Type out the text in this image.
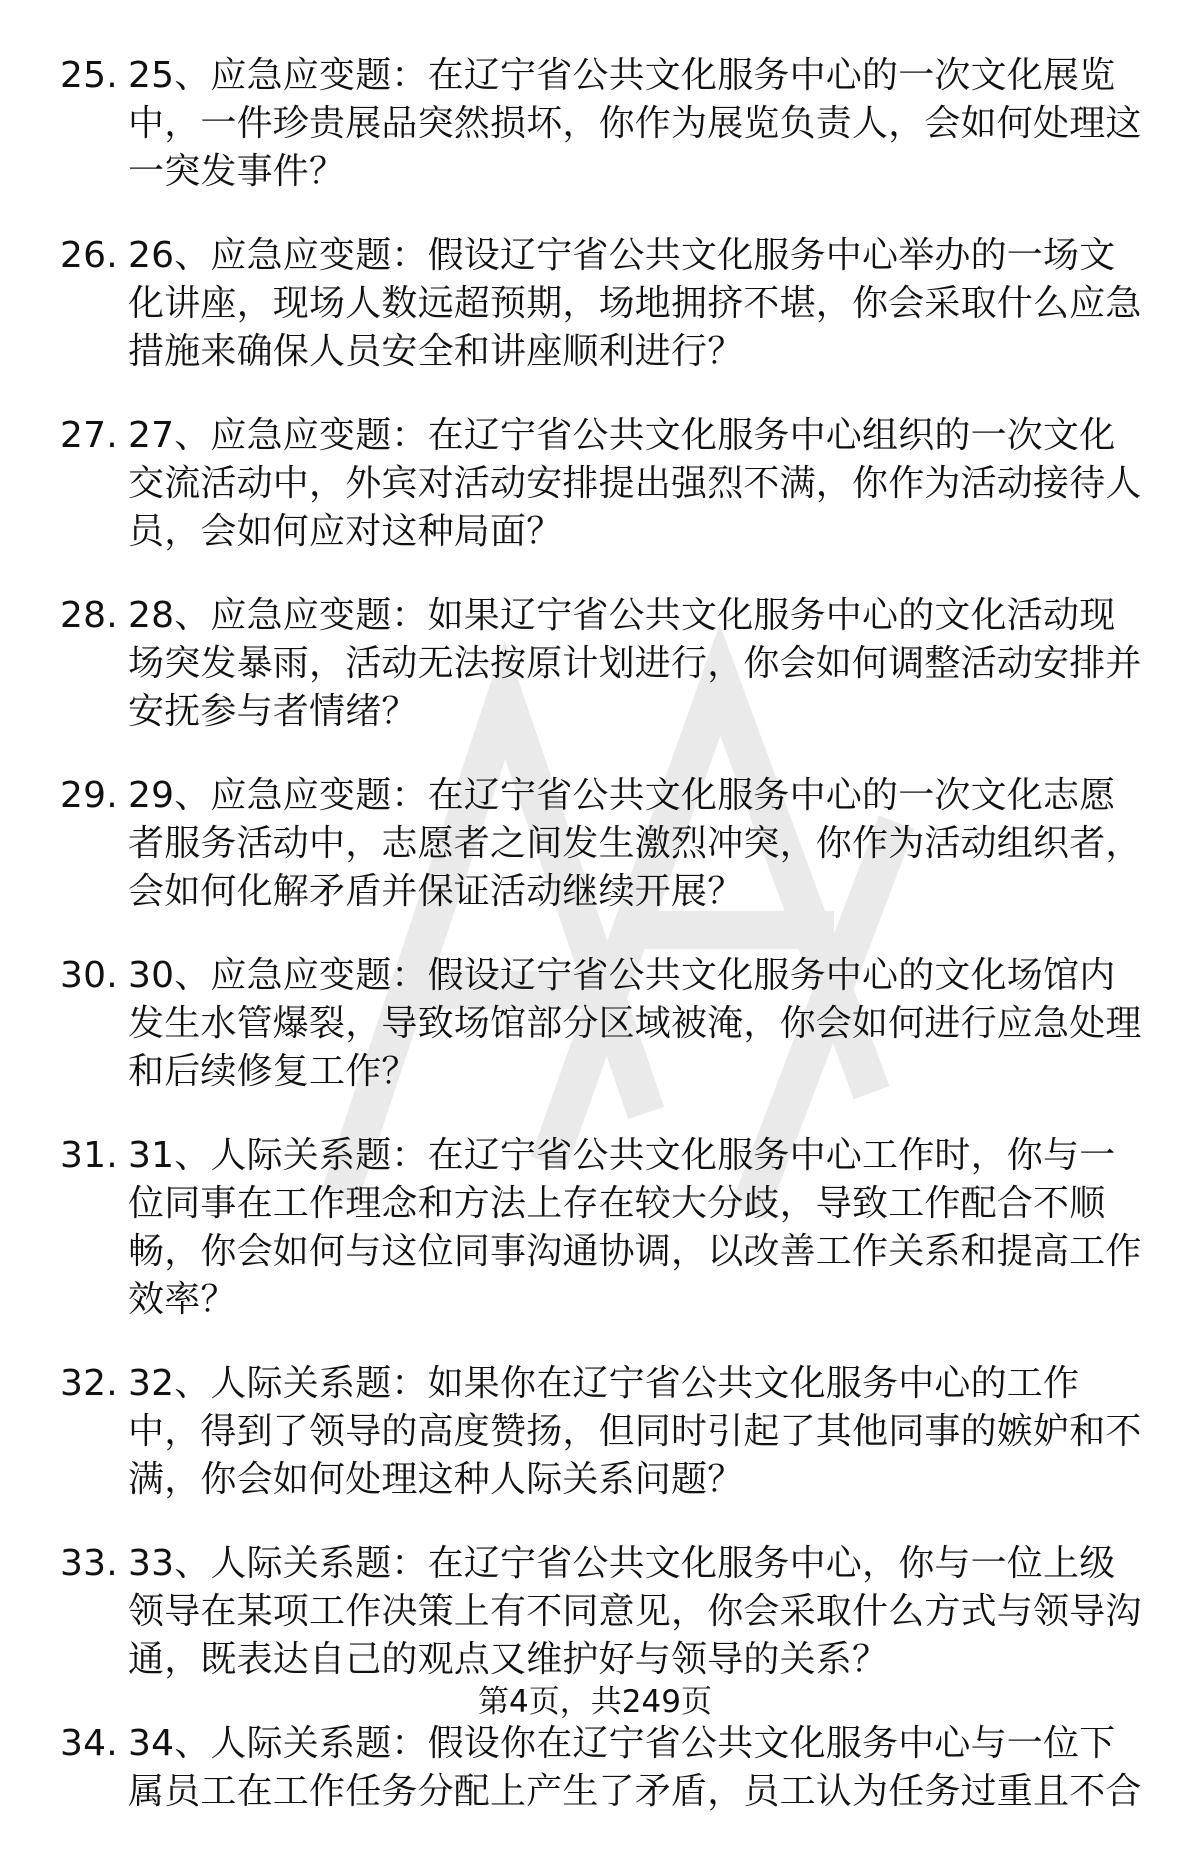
25. 25、应急应变题：在辽宁省公共文化服务中心的一次文化展览中，一件珍贵展品突然损坏，你作为展览负责人，会如何处理这一突发事件？
26. 26、应急应变题：假设辽宁省公共文化服务中心举办的一场文化讲座，现场人数远超预期，场地拥挤不堪，你会采取什么应急措施来确保人员安全和讲座顺利进行？
27. 27、应急应变题：在辽宁省公共文化服务中心组织的一次文化交流活动中，外宾对活动安排提出强烈不满，你作为活动接待人员，会如何应对这种局面？
28. 28、应急应变题：如果辽宁省公共文化服务中心的文化活动现场突发暴雨，活动无法按原计划进行，你会如何调整活动安排并安抚参与者情绪？
29. 29、应急应变题：在辽宁省公共文化服务中心的一次文化志愿者服务活动中，志愿者之间发生激烈冲突，你作为活动组织者，会如何化解矛盾并保证活动继续开展？
30. 30、应急应变题：假设辽宁省公共文化服务中心的文化场馆内发生水管爆裂，导致场馆部分区域被淹，你会如何进行应急处理和后续修复工作？
31. 31、人际关系题：在辽宁省公共文化服务中心工作时，你与一位同事在工作理念和方法上存在较大分歧，导致工作配合不顺畅，你会如何与这位同事沟通协调，以改善工作关系和提高工作效率？
32. 32、人际关系题：如果你在辽宁省公共文化服务中心的工作中，得到了领导的高度赞扬，但同时引起了其他同事的嫉妒和不满，你会如何处理这种人际关系问题？
33. 33、人际关系题：在辽宁省公共文化服务中心，你与一位上级领导在某项工作决策上有不同意见，你会采取什么方式与领导沟通，既表达自己的观点又维护好与领导的关系？
34. 34、人际关系题：假设你在辽宁省公共文化服务中心与一位下属员工在工作任务分配上产生了矛盾，员工认为任务过重且不合
第4页，共249页
